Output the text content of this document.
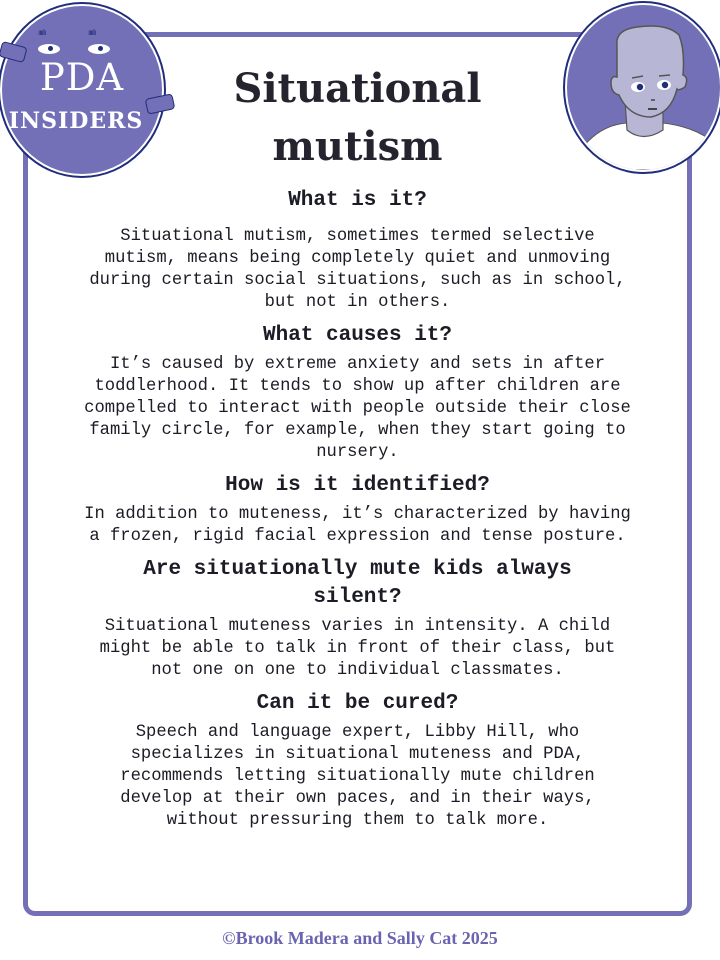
ıııılı	ıııılı
PDA
INSIDERS
Situational
mutism
What is it?

Situational mutism, sometimes termed selective
mutism, means being completely quiet and unmoving
during certain social situations, such as in school,
but not in others.

What causes it?

It’s caused by extreme anxiety and sets in after
toddlerhood. It tends to show up after children are
compelled to interact with people outside their close
family circle, for example, when they start going to
nursery.

How is it identified?

In addition to muteness, it’s characterized by having
a frozen, rigid facial expression and tense posture.

Are situationally mute kids always
silent?

Situational muteness varies in intensity. A child
might be able to talk in front of their class, but
not one on one to individual classmates.

Can it be cured?

Speech and language expert, Libby Hill, who
specializes in situational muteness and PDA,
recommends letting situationally mute children
develop at their own paces, and in their ways,
without pressuring them to talk more.

©Brook Madera and Sally Cat 2025
